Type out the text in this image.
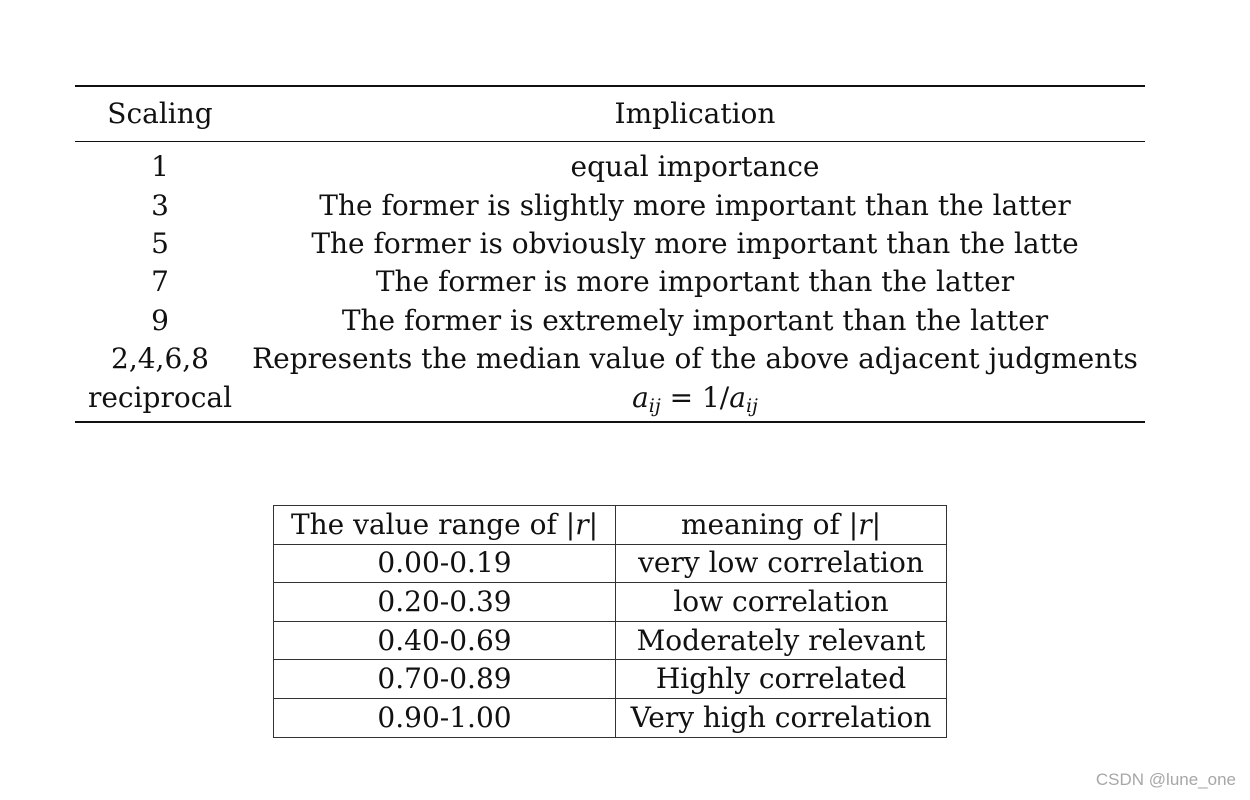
Scaling	Implication
1	equal importance
3	The former is slightly more important than the latter
5	The former is obviously more important than the latte
7	The former is more important than the latter
9	The former is extremely important than the latter
2,4,6,8	Represents the median value of the above adjacent judgments
reciprocal	$a_{ij} = 1/a_{ij}$
The value range of |r|	meaning of |r|
0.00-0.19	very low correlation
0.20-0.39	low correlation
0.40-0.69	Moderately relevant
0.70-0.89	Highly correlated
0.90-1.00	Very high correlation
CSDN @lune_one
